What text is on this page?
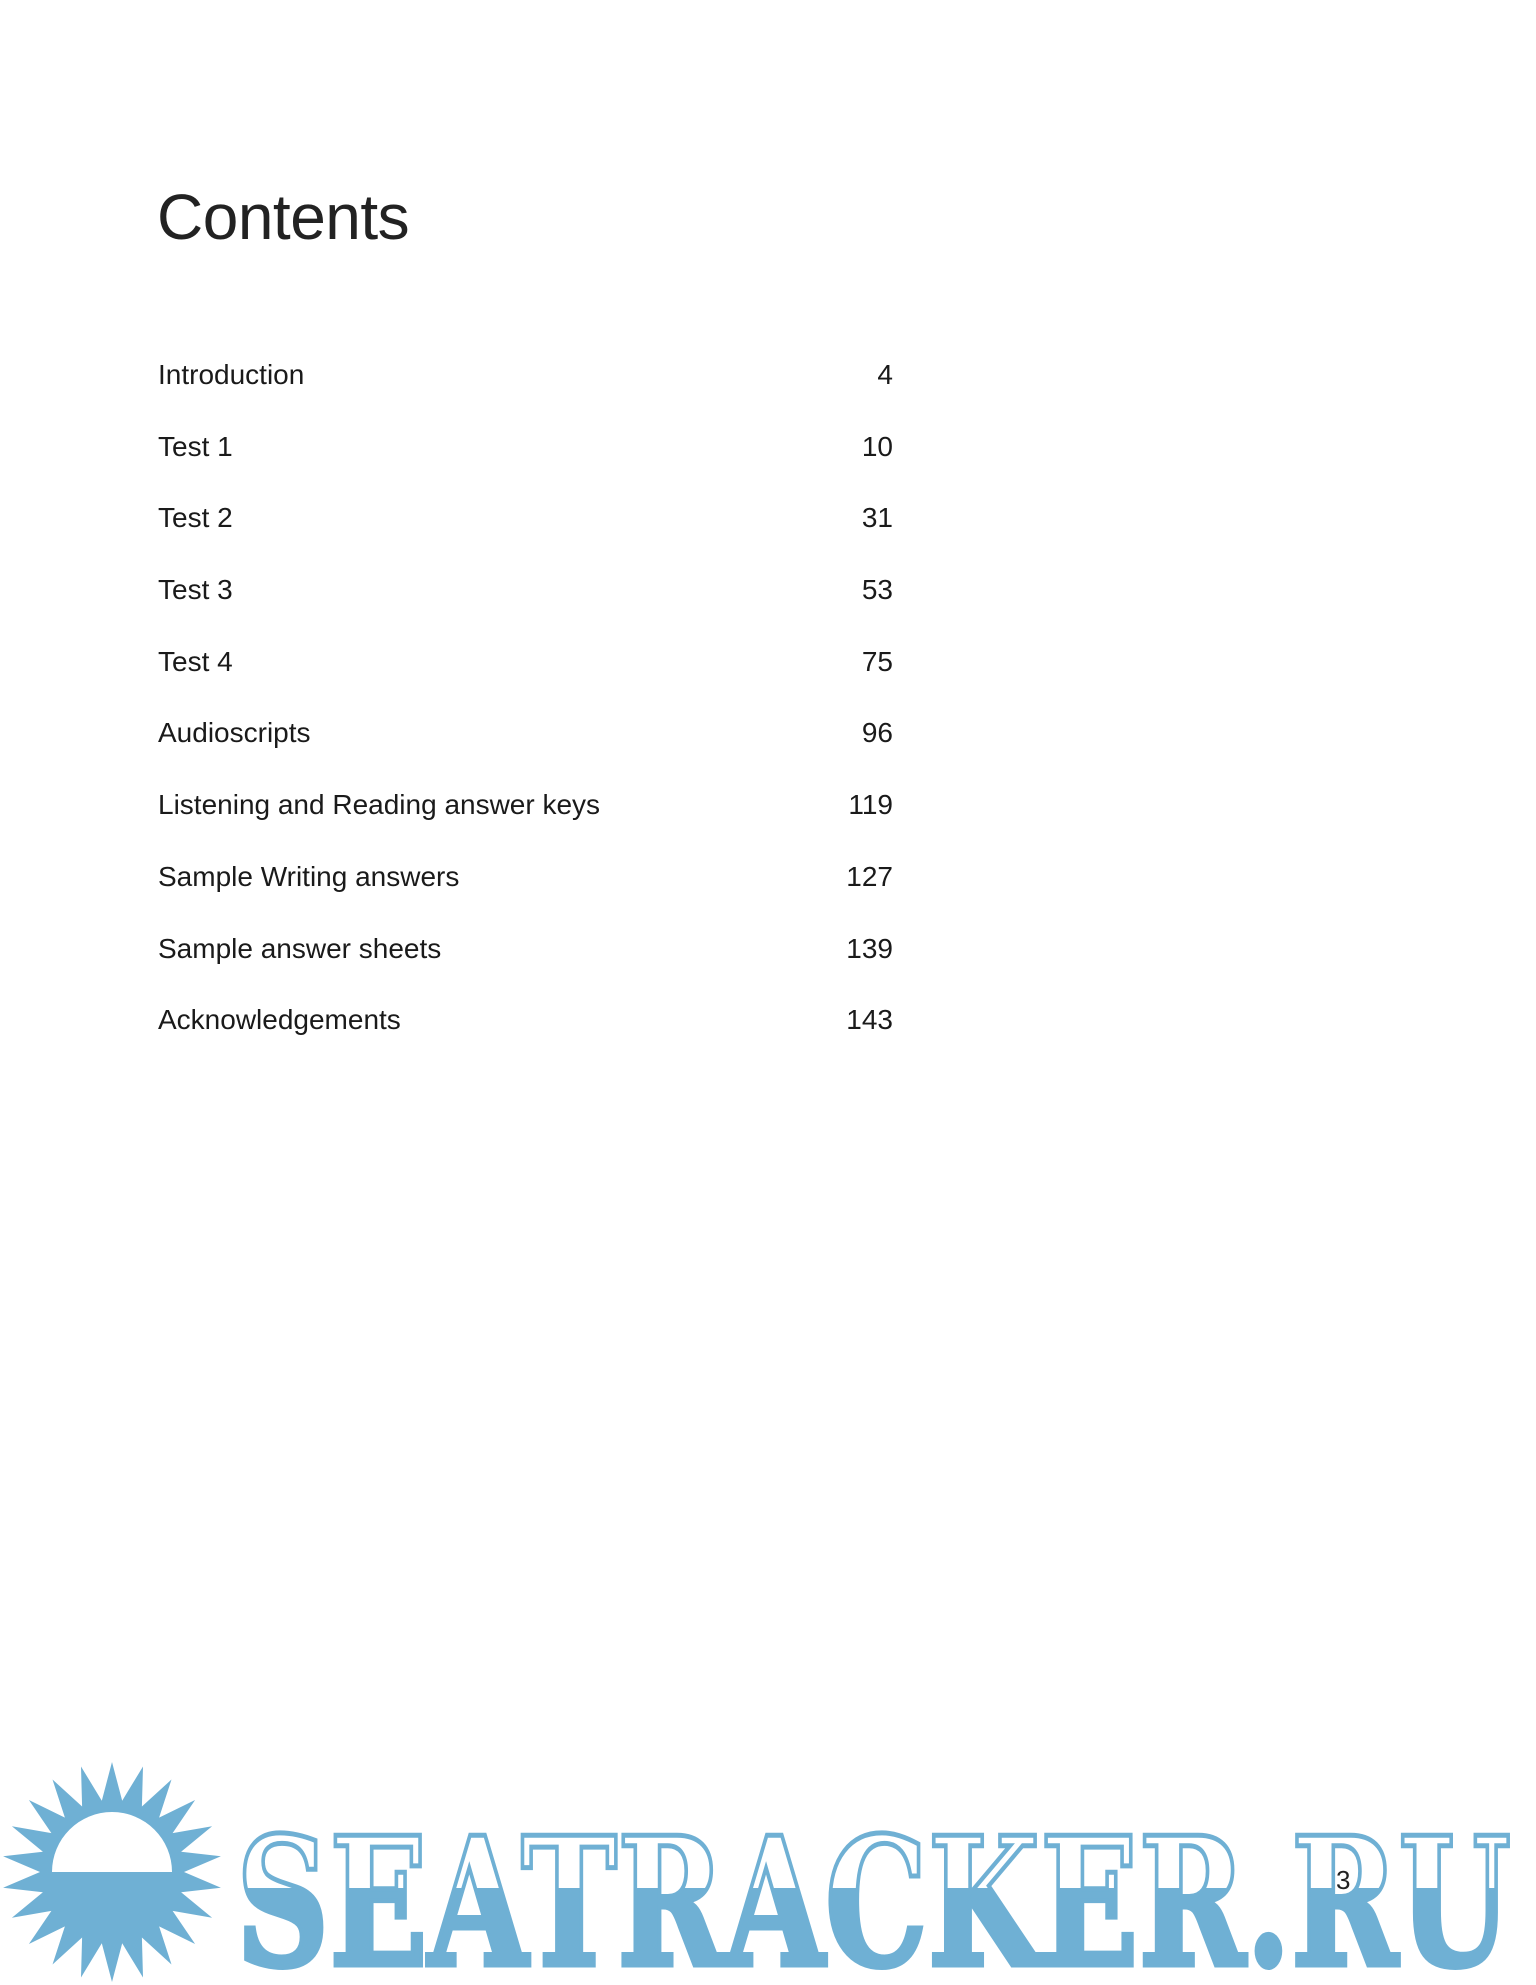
Contents
Introduction	4
Test 1	10
Test 2	31
Test 3	53
Test 4	75
Audioscripts	96
Listening and Reading answer keys	119
Sample Writing answers	127
Sample answer sheets	139
Acknowledgements	143
SEATRACKER.RU
3
